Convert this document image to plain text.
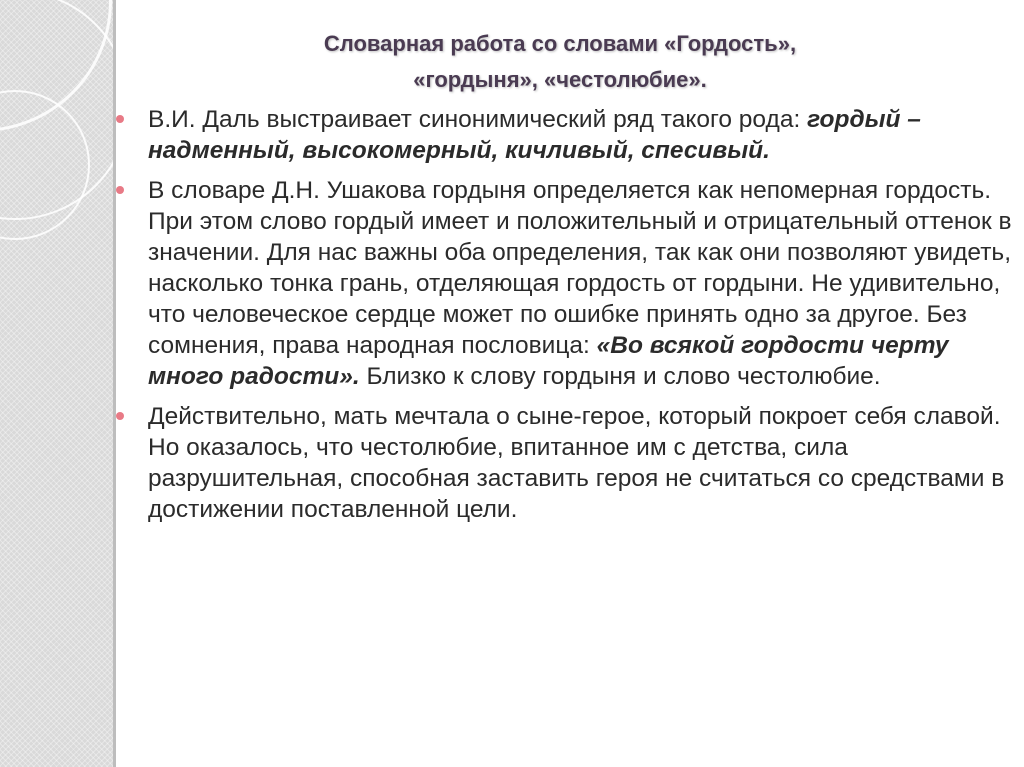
Словарная работа со словами «Гордость»,
«гордыня», «честолюбие».
В.И. Даль выстраивает синонимический ряд такого рода: гордый – надменный, высокомерный, кичливый, спесивый.
В словаре Д.Н. Ушакова гордыня определяется как непомерная гордость. При этом слово гордый имеет и положительный и отрицательный оттенок в значении. Для нас важны оба определения, так как они позволяют увидеть, насколько тонка грань, отделяющая гордость от гордыни. Не удивительно, что человеческое сердце может по ошибке принять одно за другое. Без сомнения, права народная пословица: «Во всякой гордости черту много радости». Близко к слову гордыня и слово честолюбие.
Действительно, мать мечтала о сыне-герое, который покроет себя славой. Но оказалось, что честолюбие, впитанное им с детства, сила разрушительная, способная заставить героя не считаться со средствами в достижении поставленной цели.
